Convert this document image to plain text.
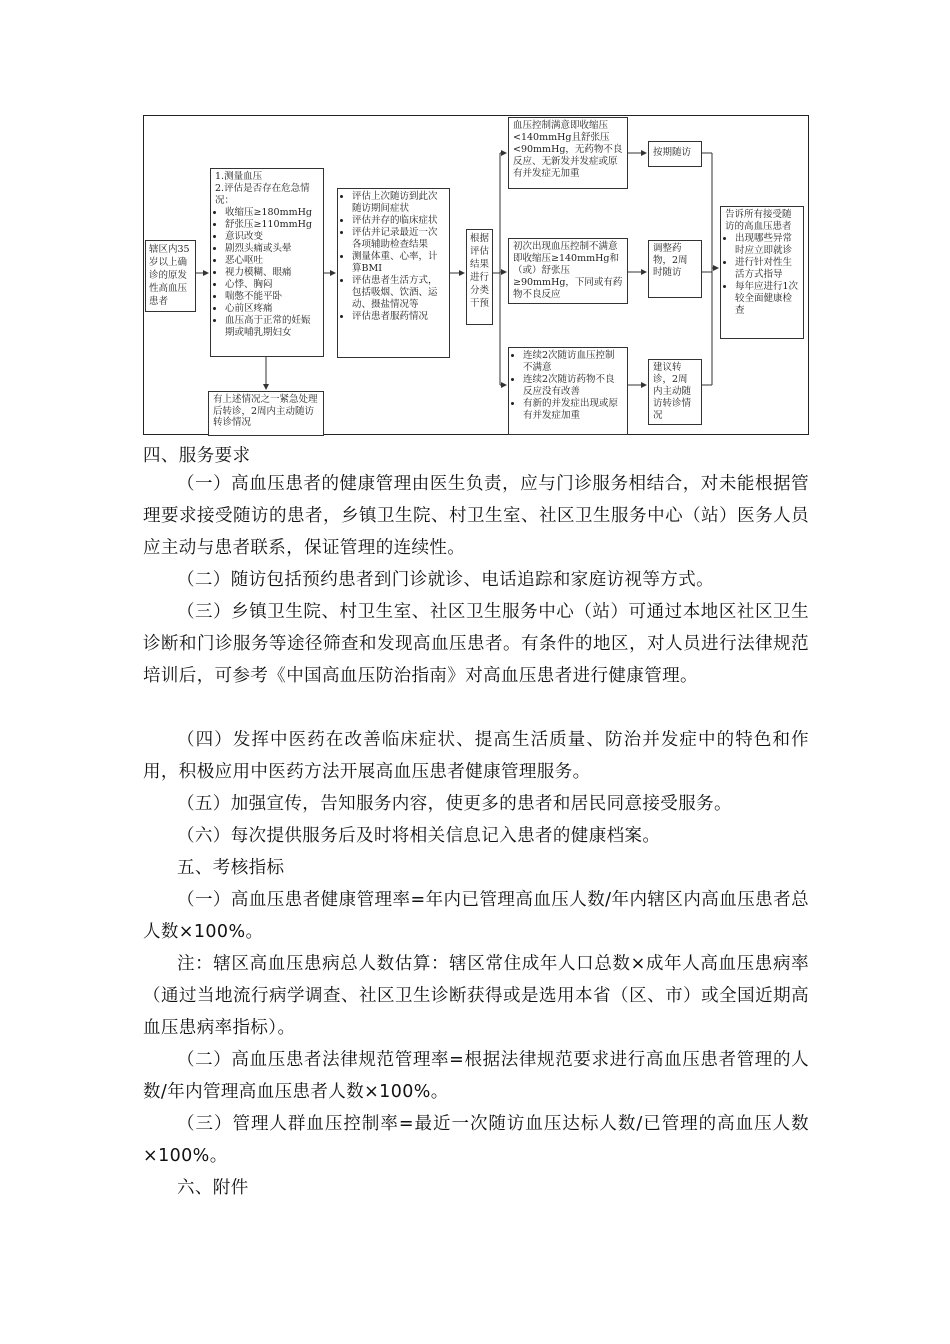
辖区内35岁以上确诊的原发性高血压患者

1.测量血压

2.评估是否存在危急情况：

• 收缩压≥180mmHg
• 舒张压≥110mmHg
• 意识改变
• 剧烈头痛或头晕
• 恶心呕吐
• 视力模糊、眼痛
• 心悸、胸闷
• 喘憋不能平卧
• 心前区疼痛
• 血压高于正常的妊娠期或哺乳期妇女
有上述情况之一紧急处理后转诊，2周内主动随访转诊情况
• 评估上次随访到此次随访期间症状
• 评估并存的临床症状
• 评估并记录最近一次各项辅助检查结果
• 测量体重、心率，计算BMI
• 评估患者生活方式，包括吸烟、饮酒、运动、摄盐情况等
• 评估患者服药情况
根据评估结果进行分类干预
血压控制满意即收缩压<140mmHg且舒张压<90mmHg，无药物不良反应、无新发并发症或原有并发症无加重
初次出现血压控制不满意即收缩压≥140mmHg和（或）舒张压≥90mmHg，下同或有药物不良反应
• 连续2次随访血压控制不满意
• 连续2次随访药物不良反应没有改善
• 有新的并发症出现或原有并发症加重
按期随访
调整药物，2周时随访
建议转诊，2周内主动随访转诊情况

告诉所有接受随访的高血压患者

• 出现哪些异常时应立即就诊
• 进行针对性生活方式指导
• 每年应进行1次较全面健康检查

四、服务要求

（一）高血压患者的健康管理由医生负责，应与门诊服务相结合，对未能根据管理要求接受随访的患者，乡镇卫生院、村卫生室、社区卫生服务中心（站）医务人员应主动与患者联系，保证管理的连续性。

（二）随访包括预约患者到门诊就诊、电话追踪和家庭访视等方式。

（三）乡镇卫生院、村卫生室、社区卫生服务中心（站）可通过本地区社区卫生诊断和门诊服务等途径筛查和发现高血压患者。有条件的地区，对人员进行法律规范培训后，可参考《中国高血压防治指南》对高血压患者进行健康管理。

（四）发挥中医药在改善临床症状、提高生活质量、防治并发症中的特色和作用，积极应用中医药方法开展高血压患者健康管理服务。

（五）加强宣传，告知服务内容，使更多的患者和居民同意接受服务。

（六）每次提供服务后及时将相关信息记入患者的健康档案。

五、考核指标

（一）高血压患者健康管理率=年内已管理高血压人数/年内辖区内高血压患者总人数×100%。

注：辖区高血压患病总人数估算：辖区常住成年人口总数×成年人高血压患病率（通过当地流行病学调查、社区卫生诊断获得或是选用本省（区、市）或全国近期高血压患病率指标）。

（二）高血压患者法律规范管理率=根据法律规范要求进行高血压患者管理的人数/年内管理高血压患者人数×100%。

（三）管理人群血压控制率=最近一次随访血压达标人数/已管理的高血压人数×100%。

六、附件
